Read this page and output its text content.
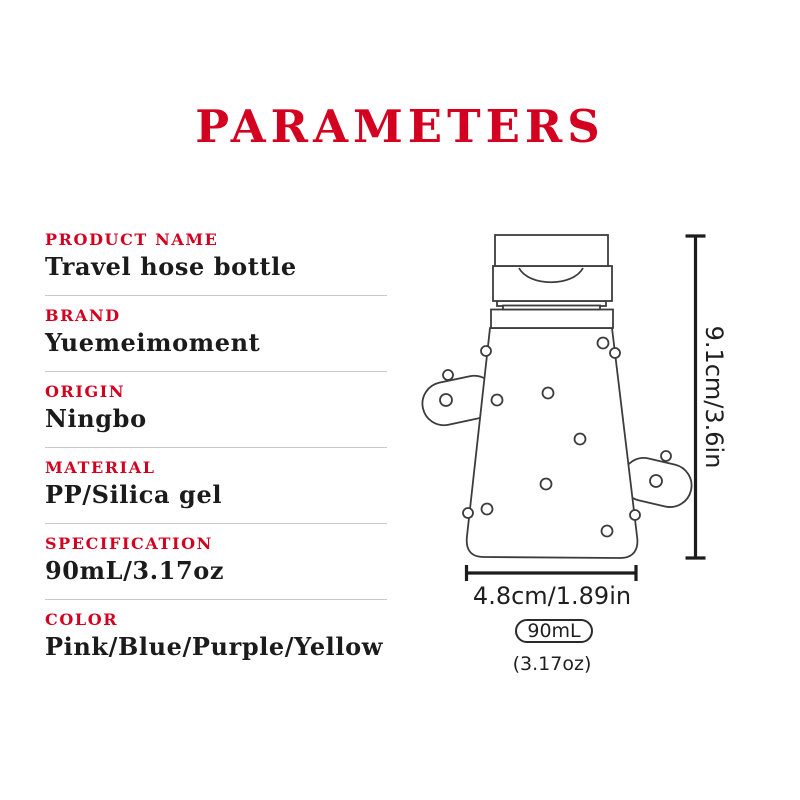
PARAMETERS
PRODUCT NAME
Travel hose bottle
BRAND
Yuemeimoment
ORIGIN
Ningbo
MATERIAL
PP/Silica gel
SPECIFICATION
90mL/3.17oz
COLOR
Pink/Blue/Purple/Yellow
9.1cm/3.6in
4.8cm/1.89in
90mL
(3.17oz)
